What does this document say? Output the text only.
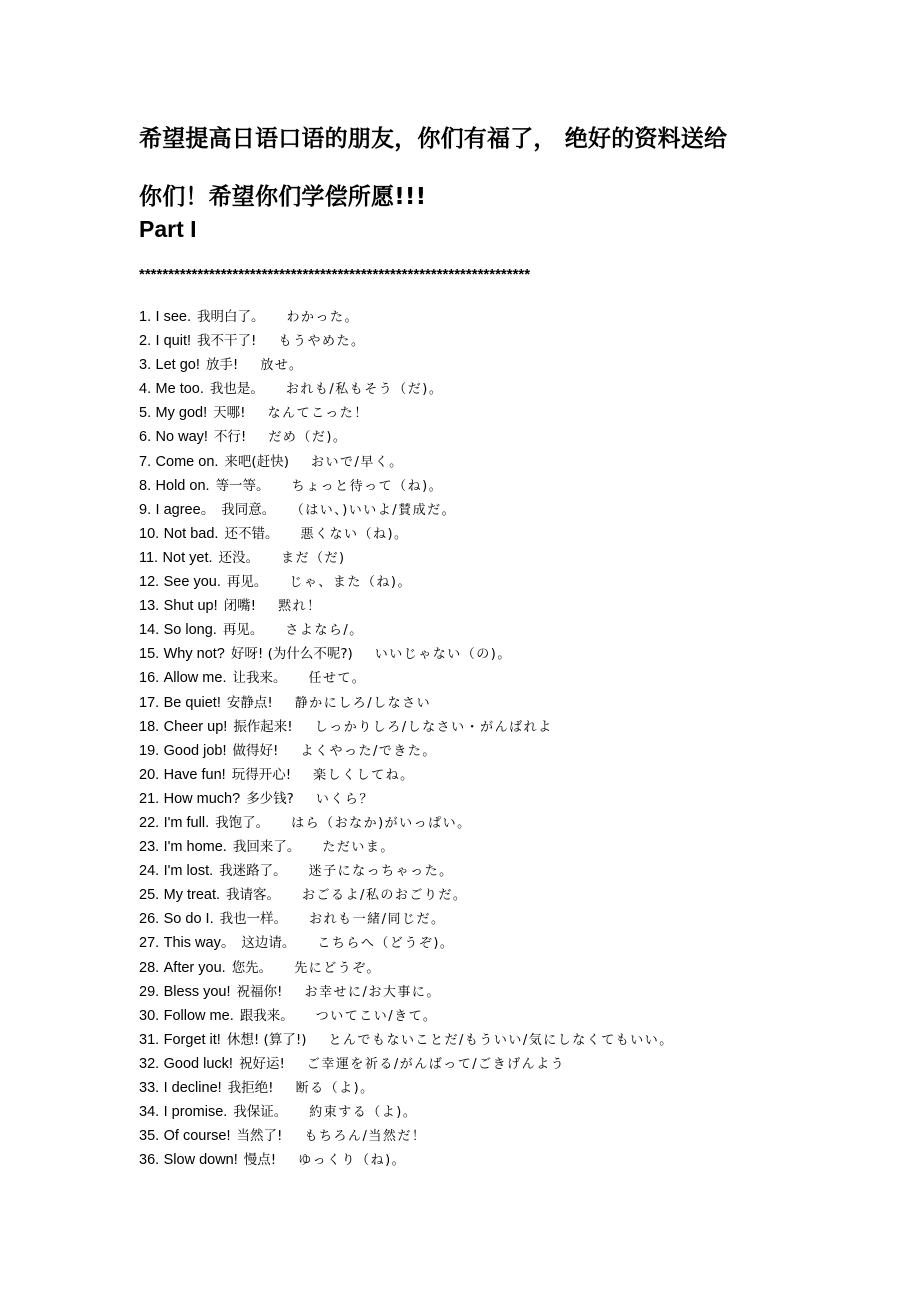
希望提高日语口语的朋友，你们有福了， 绝好的资料送给
你们！希望你们学偿所愿!!!
Part I
*******************************************************************
1. I see. 我明白了。 わかった。
2. I quit! 我不干了! もうやめた。
3. Let go! 放手! 放せ。
4. Me too. 我也是。 おれも/私もそう（だ)。
5. My god! 天哪! なんてこった！
6. No way! 不行! だめ（だ)。
7. Come on. 来吧(赶快) おいで/早く。
8. Hold on. 等一等。 ちょっと待って（ね)。
9. I agree。 我同意。 （はい、)いいよ/賛成だ。
10. Not bad. 还不错。 悪くない（ね)。
11. Not yet. 还没。 まだ（だ)
12. See you. 再见。 じゃ、また（ね)。
13. Shut up! 闭嘴! 黙れ！
14. So long. 再见。 さよなら/。
15. Why not? 好呀! (为什么不呢?) いいじゃない（の)。
16. Allow me. 让我来。 任せて。
17. Be quiet! 安静点! 静かにしろ/しなさい
18. Cheer up! 振作起来! しっかりしろ/しなさい・がんばれよ
19. Good job! 做得好! よくやった/できた。
20. Have fun! 玩得开心! 楽しくしてね。
21. How much? 多少钱? いくら？
22. I'm full. 我饱了。 はら（おなか)がいっぱい。
23. I'm home. 我回来了。 ただいま。
24. I'm lost. 我迷路了。 迷子になっちゃった。
25. My treat. 我请客。 おごるよ/私のおごりだ。
26. So do I. 我也一样。 おれも一緒/同じだ。
27. This way。 这边请。 こちらへ（どうぞ)。
28. After you. 您先。 先にどうぞ。
29. Bless you! 祝福你! お幸せに/お大事に。
30. Follow me. 跟我来。 ついてこい/きて。
31. Forget it! 休想! (算了!) とんでもないことだ/もういい/気にしなくてもいい。
32. Good luck! 祝好运! ご幸運を祈る/がんばって/ごきげんよう
33. I decline! 我拒绝! 断る（よ)。
34. I promise. 我保证。 約束する（よ)。
35. Of course! 当然了! もちろん/当然だ！
36. Slow down! 慢点! ゆっくり（ね)。
